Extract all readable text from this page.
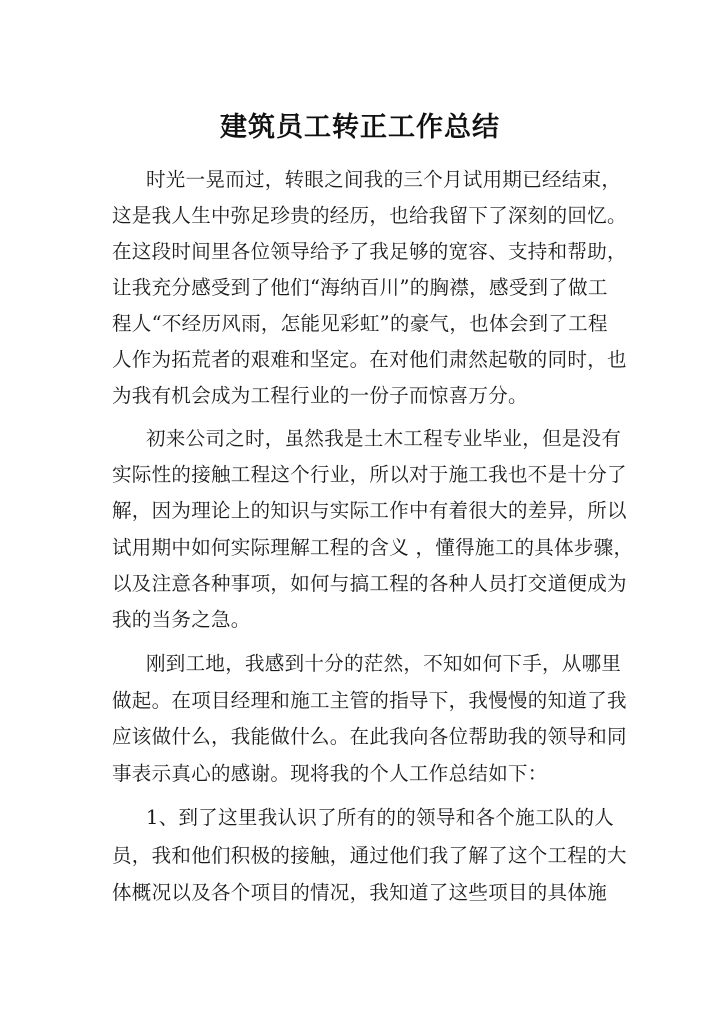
建筑员工转正工作总结
时光一晃而过，转眼之间我的三个月试用期已经结束，
这是我人生中弥足珍贵的经历，也给我留下了深刻的回忆。
在这段时间里各位领导给予了我足够的宽容、支持和帮助，
让我充分感受到了他们“海纳百川”的胸襟，感受到了做工
程人“不经历风雨，怎能见彩虹”的豪气，也体会到了工程
人作为拓荒者的艰难和坚定。在对他们肃然起敬的同时，也
为我有机会成为工程行业的一份子而惊喜万分。
初来公司之时，虽然我是土木工程专业毕业，但是没有
实际性的接触工程这个行业，所以对于施工我也不是十分了
解，因为理论上的知识与实际工作中有着很大的差异，所以
试用期中如何实际理解工程的含义 ，懂得施工的具体步骤，
以及注意各种事项，如何与搞工程的各种人员打交道便成为
我的当务之急。
刚到工地，我感到十分的茫然，不知如何下手，从哪里
做起。在项目经理和施工主管的指导下，我慢慢的知道了我
应该做什么，我能做什么。在此我向各位帮助我的领导和同
事表示真心的感谢。现将我的个人工作总结如下：
1、到了这里我认识了所有的的领导和各个施工队的人
员，我和他们积极的接触，通过他们我了解了这个工程的大
体概况以及各个项目的情况，我知道了这些项目的具体施
